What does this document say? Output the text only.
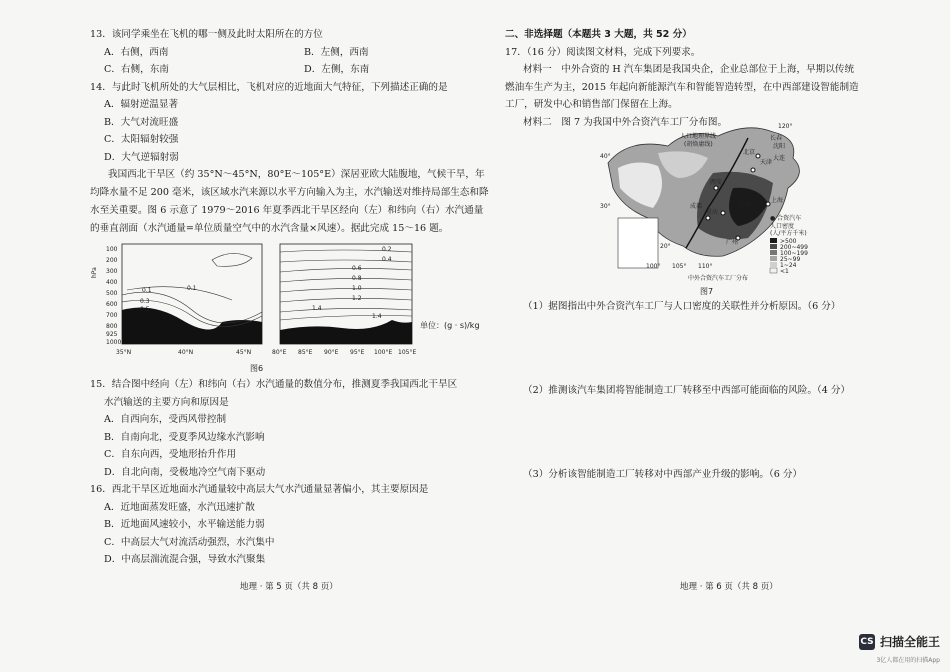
13．该同学乘坐在飞机的哪一侧及此时太阳所在的方位

A．右侧，西南	B．左侧，西南
C．右侧，东南	D．左侧，东南

14．与此时飞机所处的大气层相比，飞机对应的近地面大气特征，下列描述正确的是

A．辐射逆温显著

B．大气对流旺盛

C．太阳辐射较强

D．大气逆辐射弱

我国西北干旱区（约 35°N～45°N，80°E～105°E）深居亚欧大陆腹地，气候干旱，年均降水量不足 200 毫米，该区域水汽来源以水平方向输入为主，水汽输送对维持局部生态和降水至关重要。图 6 示意了 1979～2016 年夏季西北干旱区经向（左）和纬向（右）水汽通量的垂直剖面（水汽通量=单位质量空气中的水汽含量×风速）。据此完成 15～16 题。

hPa
100
200
300
400
500
600
700
800
925
1000
0.1	0.1
0.3
0.5
35°N	40°N	45°N
0.2
0.4
0.6
0.8
1.0
1.2
1.4
1.4
80°E 85°E 90°E 95°E 100°E 105°E
单位：(g · s)/kg
图6

15．结合图中经向（左）和纬向（右）水汽通量的数值分布，推测夏季我国西北干旱区

水汽输送的主要方向和原因是

A．自西向东，受西风带控制

B．自南向北，受夏季风边缘水汽影响

C．自东向西，受地形抬升作用

D．自北向南，受极地冷空气南下驱动

16．西北干旱区近地面水汽通量较中高层大气水汽通量显著偏小，其主要原因是

A．近地面蒸发旺盛，水汽迅速扩散

B．近地面风速较小，水平输送能力弱

C．中高层大气对流活动强烈，水汽集中

D．中高层湍流混合强，导致水汽聚集

地理 · 第 5 页（共 8 页）

二、非选择题（本题共 3 大题，共 52 分）

17．（16 分）阅读图文材料，完成下列要求。

材料一　中外合资的 H 汽车集团是我国央企，企业总部位于上海，早期以传统

燃油车生产为主，2015 年起向新能源汽车和智能智造转型，在中西部建设智能制造

工厂，研发中心和销售部门保留在上海。

材料二　图 7 为我国中外合资汽车工厂分布图。

北京
天津
上海
广州
长春
沈阳
大连
武汉
重庆
成都
西安
人口地理界线
(胡焕庸线)
120°
100° 105° 110°
40°
30°
20°
● 合资汽车
人口密度
(人/平方千米)
>500
200~499
100~199
25~99
1~24
<1
中外合资汽车工厂分布
图7

（1）据图指出中外合资汽车工厂与人口密度的关联性并分析原因。（6 分）

（2）推测该汽车集团将智能制造工厂转移至中西部可能面临的风险。（4 分）

（3）分析该智能制造工厂转移对中西部产业升级的影响。（6 分）

地理 · 第 6 页（共 8 页）
CS 扫描全能王
3亿人都在用的扫描App
